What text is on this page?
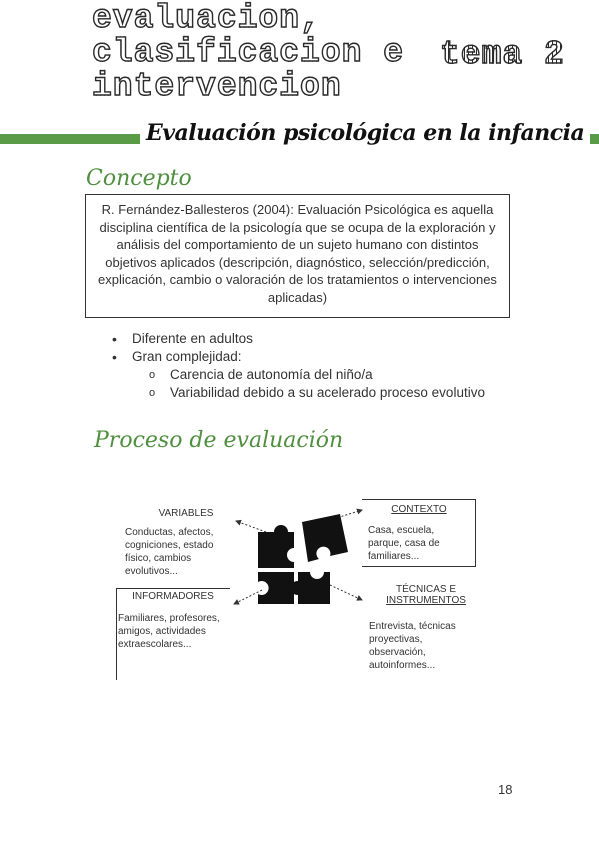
evaluacion,
clasificacion e
intervencion
tema 2
Evaluación psicológica en la infancia
Concepto
R. Fernández-Ballesteros (2004): Evaluación Psicológica es aquella disciplina científica de la psicología que se ocupa de la exploración y análisis del comportamiento de un sujeto humano con distintos objetivos aplicados (descripción, diagnóstico, selección/predicción, explicación, cambio o valoración de los tratamientos o intervenciones aplicadas)
• Diferente en adultos
• Gran complejidad:
o Carencia de autonomía del niño/a
o Variabilidad debido a su acelerado proceso evolutivo
Proceso de evaluación
VARIABLES
Conductas, afectos, cogniciones, estado físico, cambios evolutivos...
CONTEXTO
Casa, escuela, parque, casa de familiares...
INFORMADORES
Familiares, profesores, amigos, actividades extraescolares...
TÉCNICAS E
INSTRUMENTOS
Entrevista, técnicas proyectivas, observación, autoinformes...
18
